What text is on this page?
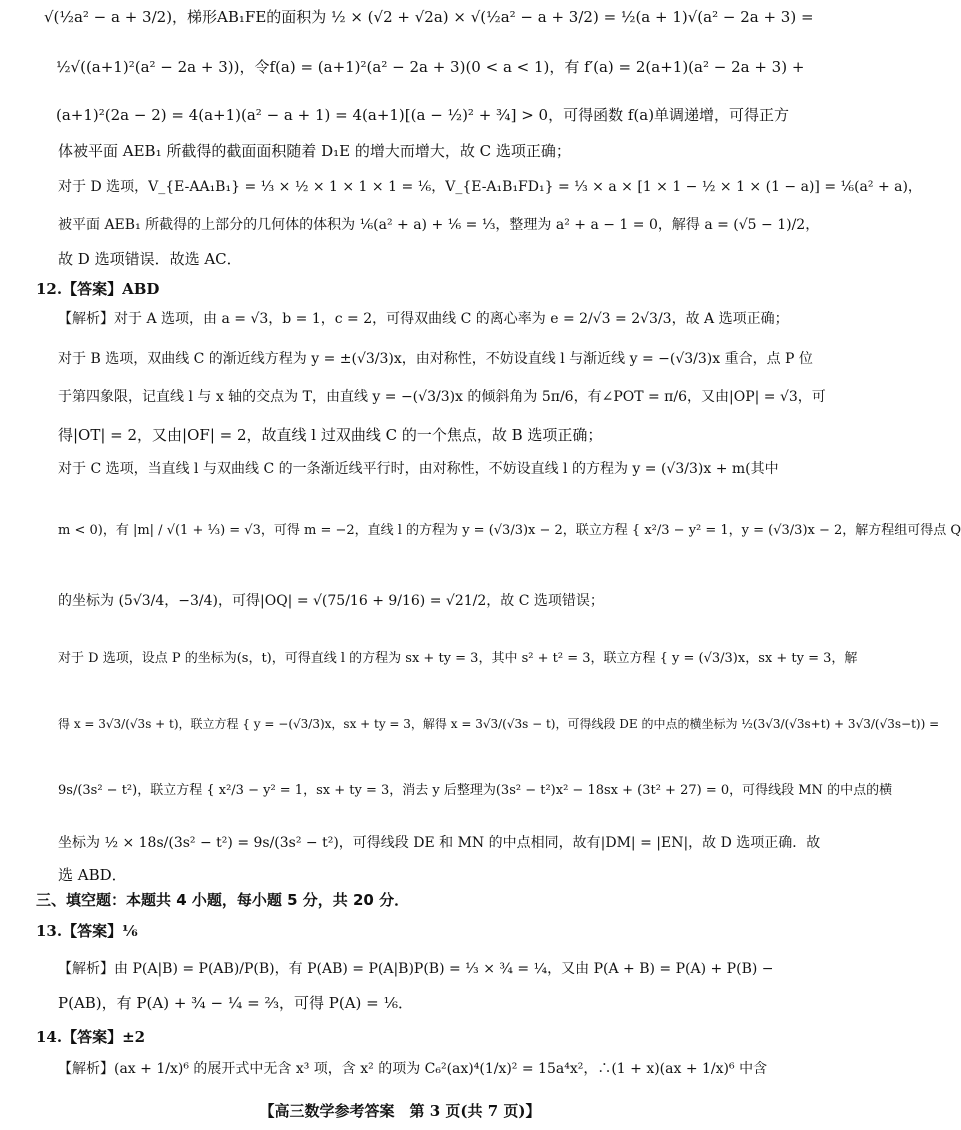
√(½a² − a + 3/2)，梯形AB₁FE的面积为 ½ × (√2 + √2a) × √(½a² − a + 3/2) = ½(a + 1)√(a² − 2a + 3) =
½√((a+1)²(a² − 2a + 3))，令f(a) = (a+1)²(a² − 2a + 3)(0 < a < 1)，有 f′(a) = 2(a+1)(a² − 2a + 3) +
(a+1)²(2a − 2) = 4(a+1)(a² − a + 1) = 4(a+1)[(a − ½)² + ¾] > 0，可得函数 f(a)单调递增，可得正方
体被平面 AEB₁ 所截得的截面面积随着 D₁E 的增大而增大，故 C 选项正确；
对于 D 选项，V_{E-AA₁B₁} = ⅓ × ½ × 1 × 1 × 1 = ⅙，V_{E-A₁B₁FD₁} = ⅓ × a × [1 × 1 − ½ × 1 × (1 − a)] = ⅙(a² + a)，
被平面 AEB₁ 所截得的上部分的几何体的体积为 ⅙(a² + a) + ⅙ = ⅓，整理为 a² + a − 1 = 0，解得 a = (√5 − 1)/2，
故 D 选项错误．故选 AC．
12.【答案】ABD
【解析】对于 A 选项，由 a = √3，b = 1，c = 2，可得双曲线 C 的离心率为 e = 2/√3 = 2√3/3，故 A 选项正确；
对于 B 选项，双曲线 C 的渐近线方程为 y = ±(√3/3)x，由对称性，不妨设直线 l 与渐近线 y = −(√3/3)x 重合，点 P 位
于第四象限，记直线 l 与 x 轴的交点为 T，由直线 y = −(√3/3)x 的倾斜角为 5π/6，有∠POT = π/6，又由|OP| = √3，可
得|OT| = 2，又由|OF| = 2，故直线 l 过双曲线 C 的一个焦点，故 B 选项正确；
对于 C 选项，当直线 l 与双曲线 C 的一条渐近线平行时，由对称性，不妨设直线 l 的方程为 y = (√3/3)x + m(其中
m < 0)，有 |m| / √(1 + ⅓) = √3，可得 m = −2，直线 l 的方程为 y = (√3/3)x − 2，联立方程 { x²/3 − y² = 1，y = (√3/3)x − 2，解方程组可得点 Q
的坐标为 (5√3/4，−3/4)，可得|OQ| = √(75/16 + 9/16) = √21/2，故 C 选项错误；
对于 D 选项，设点 P 的坐标为(s，t)，可得直线 l 的方程为 sx + ty = 3，其中 s² + t² = 3，联立方程 { y = (√3/3)x，sx + ty = 3，解
得 x = 3√3/(√3s + t)，联立方程 { y = −(√3/3)x，sx + ty = 3，解得 x = 3√3/(√3s − t)，可得线段 DE 的中点的横坐标为 ½(3√3/(√3s+t) + 3√3/(√3s−t)) =
9s/(3s² − t²)，联立方程 { x²/3 − y² = 1，sx + ty = 3，消去 y 后整理为(3s² − t²)x² − 18sx + (3t² + 27) = 0，可得线段 MN 的中点的横
坐标为 ½ × 18s/(3s² − t²) = 9s/(3s² − t²)，可得线段 DE 和 MN 的中点相同，故有|DM| = |EN|，故 D 选项正确．故
选 ABD．
三、填空题：本题共 4 小题，每小题 5 分，共 20 分．
13.【答案】⅙
【解析】由 P(A|B) = P(AB)/P(B)，有 P(AB) = P(A|B)P(B) = ⅓ × ¾ = ¼，又由 P(A + B) = P(A) + P(B) −
P(AB)，有 P(A) + ¾ − ¼ = ⅔，可得 P(A) = ⅙．
14.【答案】±2
【解析】(ax + 1/x)⁶ 的展开式中无含 x³ 项，含 x² 的项为 C₆²(ax)⁴(1/x)² = 15a⁴x²，∴(1 + x)(ax + 1/x)⁶ 中含
【高三数学参考答案　第 3 页(共 7 页)】
